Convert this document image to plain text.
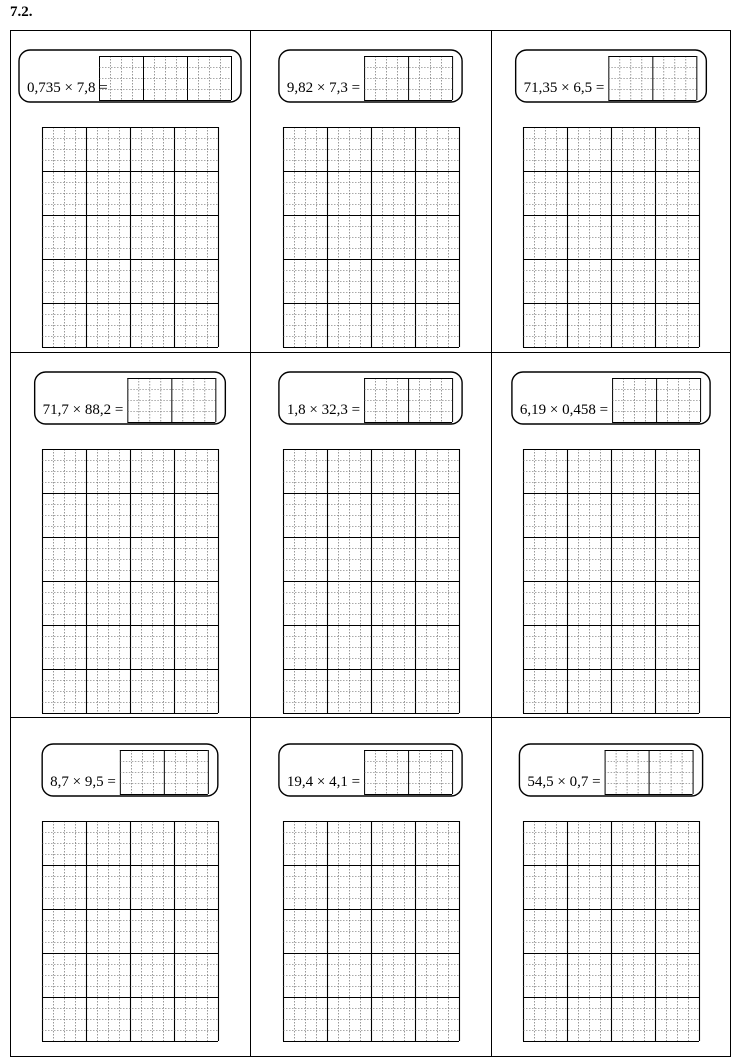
7.2.
0,735 × 7,8 =	9,82 × 7,3 =	71,35 × 6,5 =
71,7 × 88,2 =	1,8 × 32,3 =	6,19 × 0,458 =
8,7 × 9,5 =	19,4 × 4,1 =	54,5 × 0,7 =
